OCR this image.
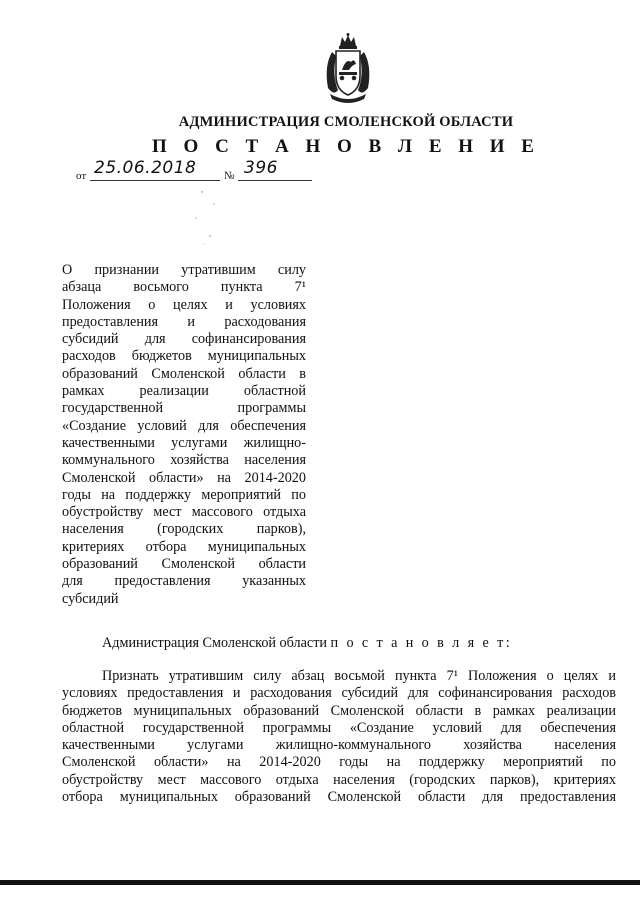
АДМИНИСТРАЦИЯ СМОЛЕНСКОЙ ОБЛАСТИ
П О С Т А Н О В Л Е Н И Е
от 25.06.2018	№ 396
О признании утратившим силу
абзаца восьмого пункта 7¹
Положения о целях и условиях
предоставления и расходования
субсидий для софинансирования
расходов бюджетов муниципальных
образований Смоленской области в
рамках реализации областной
государственной программы
«Создание условий для обеспечения
качественными услугами жилищно-
коммунального хозяйства населения
Смоленской области» на 2014-2020
годы на поддержку мероприятий по
обустройству мест массового отдыха
населения (городских парков),
критериях отбора муниципальных
образований Смоленской области
для предоставления указанных
субсидий
Администрация Смоленской области п о с т а н о в л я е т:
Признать утратившим силу абзац восьмой пункта 7¹ Положения о целях и
условиях предоставления и расходования субсидий для софинансирования расходов
бюджетов муниципальных образований Смоленской области в рамках реализации
областной государственной программы «Создание условий для обеспечения
качественными услугами жилищно-коммунального хозяйства населения
Смоленской области» на 2014-2020 годы на поддержку мероприятий по
обустройству мест массового отдыха населения (городских парков), критериях
отбора муниципальных образований Смоленской области для предоставления
